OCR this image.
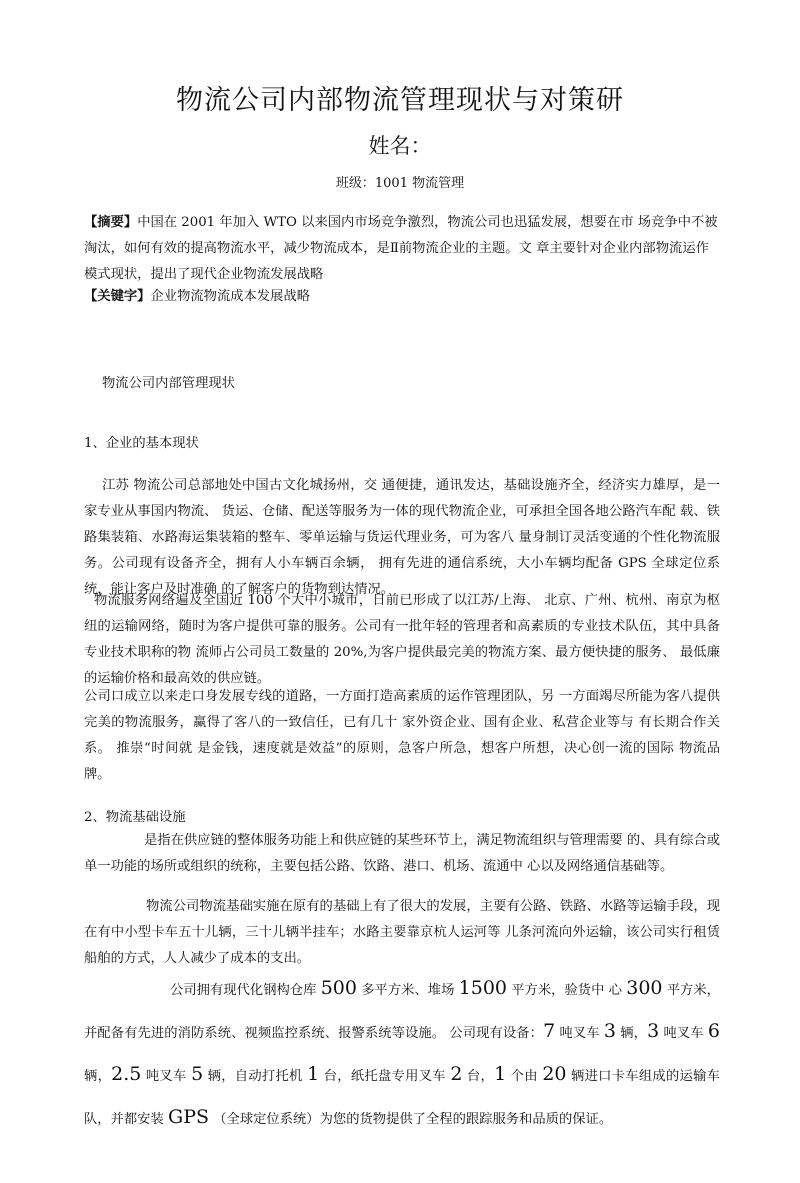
物流公司内部物流管理现状与对策研
姓名：
班级：1001 物流管理
【摘要】中国在 2001 年加入 WTO 以来国内市场竞争激烈，物流公司也迅猛发展，想要在市 场竞争中不被淘汰，如何有效的提高物流水平，减少物流成本，是Ⅱ前物流企业的主题。文 章主要针对企业内部物流运作模式现状，提出了现代企业物流发展战略
【关键字】企业物流物流成本发展战略
物流公司内部管理现状
1、企业的基本现状
江苏 物流公司总部地处中国古文化城扬州，交 通便捷，通讯发达，基础设施齐全，经济实力雄厚，是一家专业从事国内物流、 货运、仓储、配送等服务为一体的现代物流企业，可承担全国各地公路汽车配 载、铁路集装箱、水路海运集装箱的整车、零单运输与货运代理业务，可为客八 量身制订灵活变通的个性化物流服务。公司现有设备齐全，拥有人小车辆百余辆， 拥有先进的通信系统，大小车辆均配备 GPS 全球定位系统，能让客户及时准确 的了解客户的货物到达情况。
物流服务网络遍及全国近 100 个大中小城市，日前已形成了以江苏/上海、 北京、广州、杭州、南京为枢纽的运输网络，随时为客户提供可靠的服务。公司有一批年轻的管理者和高素质的专业技术队伍，其中具备专业技术职称的物 流师占公司员工数量的 20%,为客户提供最完美的物流方案、最方便快捷的服务、 最低廉的运输价格和最高效的供应链。
公司口成立以来走口身发展专线的道路，一方面打造高素质的运作管理团队，另 一方面竭尽所能为客八提供完美的物流服务，赢得了客八的一致信任，已有几十 家外资企业、国有企业、私营企业等与 有长期合作关系。 推崇“时间就 是金钱，速度就是效益”的原则，急客户所急，想客户所想，决心创一流的国际 物流品牌。
2、物流基础设施
是指在供应链的整体服务功能上和供应链的某些环节上，满足物流组织与管理需要 的、具有综合或单一功能的场所或组织的统称，主要包括公路、饮路、港口、机场、流通中 心以及网络通信基础等。
物流公司物流基础实施在原有的基础上有了很大的发展，主要有公路、铁路、水路等运输手段，现在有中小型卡车五十儿辆，三十儿辆半挂车；水路主要靠京杭人运河等 儿条河流向外运输，该公司实行租赁船舶的方式，人人减少了成本的支出。
公司拥有现代化钢构仓库 500 多平方米、堆场 1500 平方米，验货中 心 300 平方米，并配备有先进的消防系统、视频监控系统、报警系统等设施。 公司现有设备：7 吨叉车 3 辆，3 吨叉车 6 辆，2.5 吨叉车 5 辆，自动打托机 1 台，纸托盘专用叉车 2 台，1 个由 20 辆进口卡车组成的运输车队，并都安装 GPS （全球定位系统）为您的货物提供了全程的跟踪服务和品质的保证。
